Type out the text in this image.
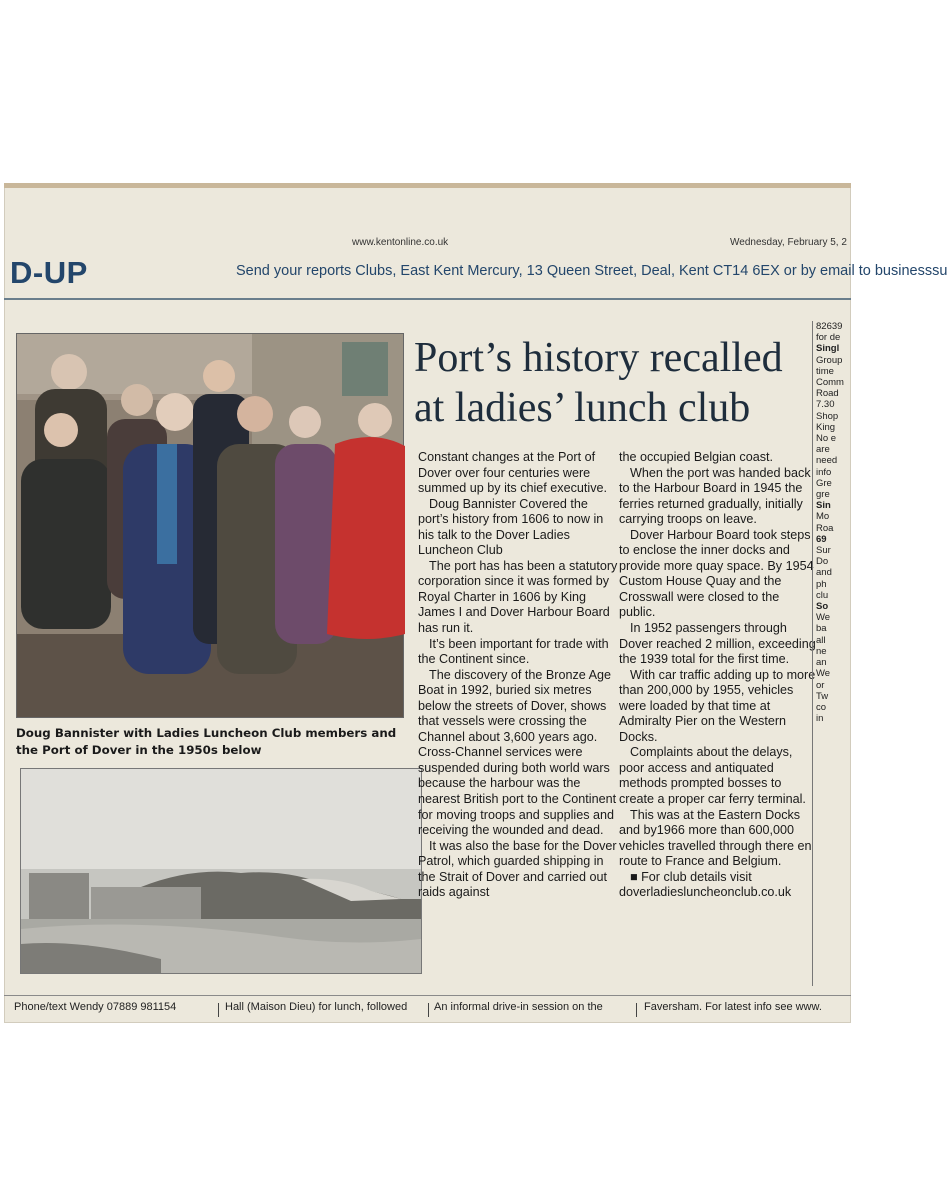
www.kentonline.co.uk	Wednesday, February 5, 2
D-UP	Send your reports Clubs, East Kent Mercury, 13 Queen Street, Deal, Kent CT14 6EX or by email to businesssu
Doug Bannister with Ladies Luncheon Club members and the Port of Dover in the 1950s below
Port’s history recalled at ladies’ lunch club

Constant changes at the Port of Dover over four centuries were summed up by its chief executive.

Doug Bannister Covered the port’s history from 1606 to now in his talk to the Dover Ladies Luncheon Club

The port has has been a statutory corporation since it was formed by Royal Charter in 1606 by King James I and Dover Harbour Board has run it.

It’s been important for trade with the Continent since.

The discovery of the Bronze Age Boat in 1992, buried six metres below the streets of Dover, shows that vessels were crossing the Channel about 3,600 years ago. Cross-Channel services were suspended during both world wars because the harbour was the nearest British port to the Continent for moving troops and supplies and receiving the wounded and dead.

It was also the base for the Dover Patrol, which guarded shipping in the Strait of Dover and carried out raids against

the occupied Belgian coast.

When the port was handed back to the Harbour Board in 1945 the ferries returned gradually, initially carrying troops on leave.

Dover Harbour Board took steps to enclose the inner docks and provide more quay space. By 1954 Custom House Quay and the Crosswall were closed to the public.

In 1952 passengers through Dover reached 2 million, exceeding the 1939 total for the first time.

With car traffic adding up to more than 200,000 by 1955, vehicles were loaded by that time at Admiralty Pier on the Western Docks.

Complaints about the delays, poor access and antiquated methods prompted bosses to create a proper car ferry terminal.

This was at the Eastern Docks and by1966 more than 600,000 vehicles travelled through there en route to France and Belgium.

■ For club details visit doverladiesluncheonclub.co.uk

82639
for de
Singl
Group
time
Comm
Road
7.30
Shop
King
No e
are
need
info
Gre
gre
Sin
Mo
Roa
69
Sur
Do
and
ph
clu
So
We
ba
all
ne
an
We
or
Tw
co
in
Phone/text Wendy 07889 981154	Hall (Maison Dieu) for lunch, followed An informal drive-in session on the	Faversham. For latest info see www.
